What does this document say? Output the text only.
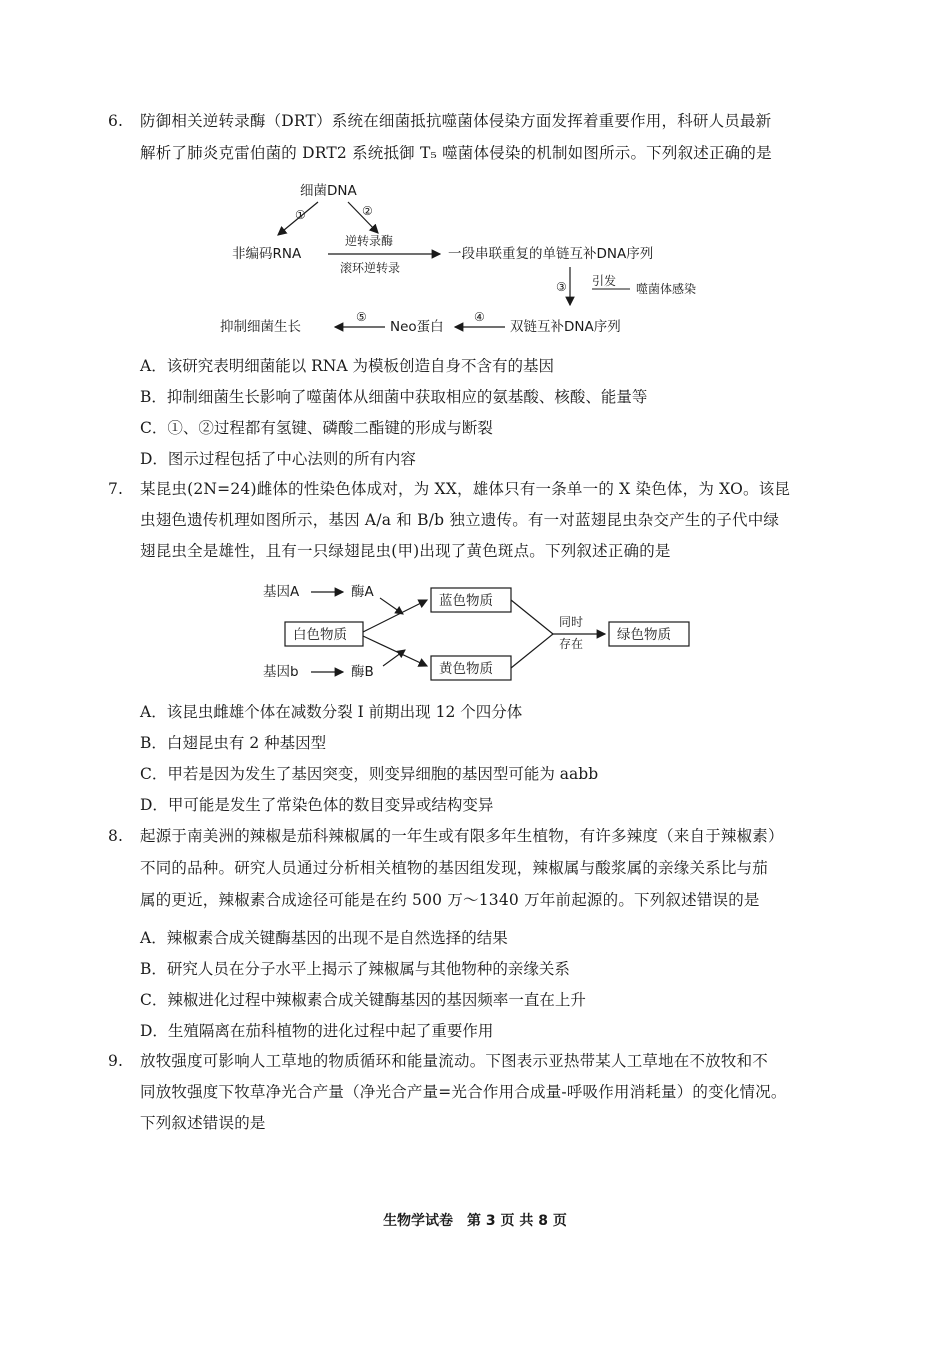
6. 防御相关逆转录酶（DRT）系统在细菌抵抗噬菌体侵染方面发挥着重要作用，科研人员最新
解析了肺炎克雷伯菌的 DRT2 系统抵御 T₅ 噬菌体侵染的机制如图所示。下列叙述正确的是
细菌DNA
①	②
非编码RNA
逆转录酶
滚环逆转录
一段串联重复的单链互补DNA序列
③ 引发
噬菌体感染
双链互补DNA序列
④
Neo蛋白
⑤
抑制细菌生长
A．该研究表明细菌能以 RNA 为模板创造自身不含有的基因
B．抑制细菌生长影响了噬菌体从细菌中获取相应的氨基酸、核酸、能量等
C．①、②过程都有氢键、磷酸二酯键的形成与断裂
D．图示过程包括了中心法则的所有内容
7. 某昆虫(2N=24)雌体的性染色体成对，为 XX，雄体只有一条单一的 X 染色体，为 XO。该昆
虫翅色遗传机理如图所示，基因 A/a 和 B/b 独立遗传。有一对蓝翅昆虫杂交产生的子代中绿
翅昆虫全是雄性，且有一只绿翅昆虫(甲)出现了黄色斑点。下列叙述正确的是
基因A	酶A
基因b	酶B
白色物质
蓝色物质
黄色物质
同时
存在
绿色物质
A．该昆虫雌雄个体在减数分裂 I 前期出现 12 个四分体
B．白翅昆虫有 2 种基因型
C．甲若是因为发生了基因突变，则变异细胞的基因型可能为 aabb
D．甲可能是发生了常染色体的数目变异或结构变异
8. 起源于南美洲的辣椒是茄科辣椒属的一年生或有限多年生植物，有许多辣度（来自于辣椒素）
不同的品种。研究人员通过分析相关植物的基因组发现，辣椒属与酸浆属的亲缘关系比与茄
属的更近，辣椒素合成途径可能是在约 500 万～1340 万年前起源的。下列叙述错误的是
A．辣椒素合成关键酶基因的出现不是自然选择的结果
B．研究人员在分子水平上揭示了辣椒属与其他物种的亲缘关系
C．辣椒进化过程中辣椒素合成关键酶基因的基因频率一直在上升
D．生殖隔离在茄科植物的进化过程中起了重要作用
9. 放牧强度可影响人工草地的物质循环和能量流动。下图表示亚热带某人工草地在不放牧和不
同放牧强度下牧草净光合产量（净光合产量=光合作用合成量-呼吸作用消耗量）的变化情况。
下列叙述错误的是
生物学试卷　第 3 页 共 8 页
